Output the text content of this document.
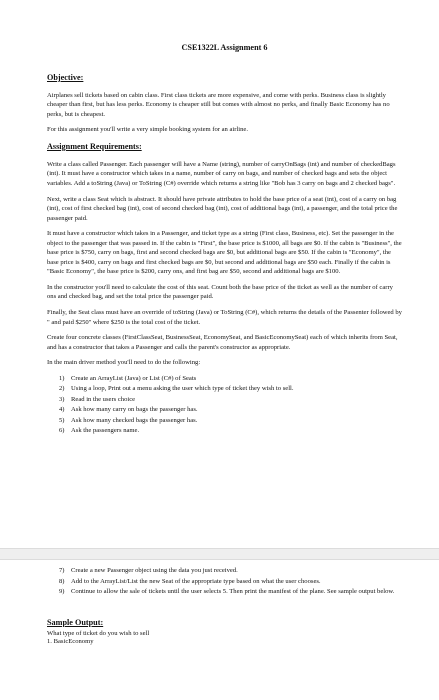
CSE1322L Assignment 6
Objective:

Airplanes sell tickets based on cabin class. First class tickets are more expensive, and come with perks. Business class is slightly cheaper than first, but has less perks. Economy is cheaper still but comes with almost no perks, and finally Basic Economy has no perks, but is cheapest.

For this assignment you'll write a very simple booking system for an airline.

Assignment Requirements:

Write a class called Passenger. Each passenger will have a Name (string), number of carryOnBags (int) and number of checkedBags (int). It must have a constructor which takes in a name, number of carry on bags, and number of checked bags and sets the object variables. Add a toString (Java) or ToString (C#) override which returns a string like "Bob has 3 carry on bags and 2 checked bags".

Next, write a class Seat which is abstract. It should have private attributes to hold the base price of a seat (int), cost of a carry on bag (int), cost of first checked bag (int), cost of second checked bag (int), cost of additional bags (int), a passenger, and the total price the passenger paid.

It must have a constructor which takes in a Passenger, and ticket type as a string (First class, Business, etc). Set the passenger in the object to the passenger that was passed in. If the cabin is "First", the base price is $1000, all bags are $0. If the cabin is "Business", the base price is $750, carry on bags, first and second checked bags are $0, but additional bags are $50. If the cabin is "Economy", the base price is $400, carry on bags and first checked bags are $0, but second and additional bags are $50 each. Finally if the cabin is "Basic Economy", the base price is $200, carry ons, and first bag are $50, second and additional bags are $100.

In the constructor you'll need to calculate the cost of this seat. Count both the base price of the ticket as well as the number of carry ons and checked bag, and set the total price the passenger paid.

Finally, the Seat class must have an override of toString (Java) or ToString (C#), which returns the details of the Passenter followed by " and paid $250" where $250 is the total cost of the ticket.

Create four concrete classes (FirstClassSeat, BusinessSeat, EconomySeat, and BasicEconomySeat) each of which inherits from Seat, and has a constructor that takes a Passenger and calls the parent's constructor as appropriate.

In the main driver method you'll need to do the following:

1) Create an ArrayList (Java) or List (C#) of Seats
2) Using a loop, Print out a menu asking the user which type of ticket they wish to sell.
3) Read in the users choice
4) Ask how many carry on bags the passenger has.
5) Ask how many checked bags the passenger has.
6) Ask the passengers name.
7) Create a new Passenger object using the data you just received.
8) Add to the ArrayList/List the new Seat of the appropriate type based on what the user chooses.
9) Continue to allow the sale of tickets until the user selects 5. Then print the manifest of the plane. See sample output below.
Sample Output:
What type of ticket do you wish to sell
1. BasicEconomy
